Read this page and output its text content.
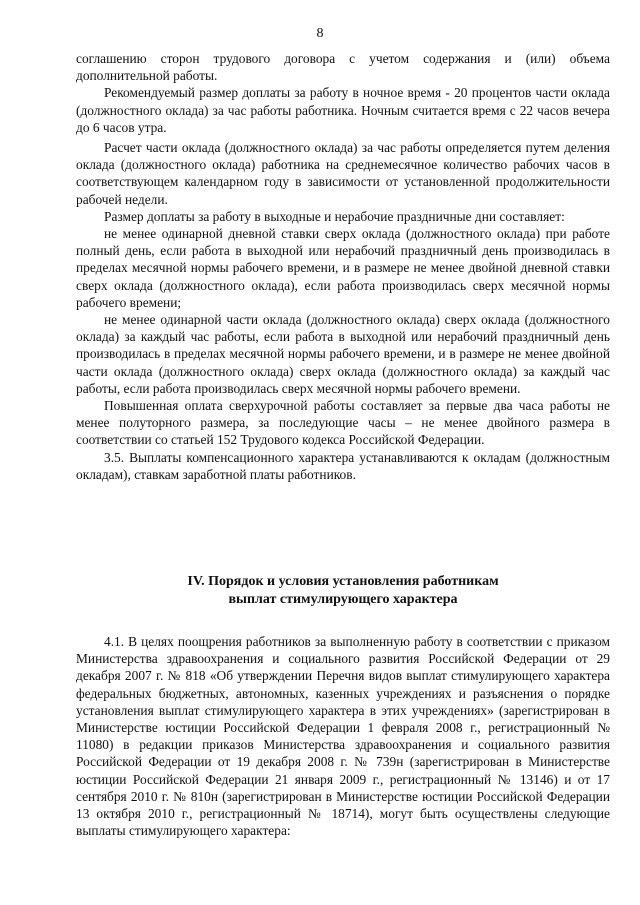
8

соглашению сторон трудового договора с учетом содержания и (или) объема дополнительной работы.

Рекомендуемый размер доплаты за работу в ночное время - 20 процентов части оклада (должностного оклада) за час работы работника. Ночным считается время с 22 часов вечера до 6 часов утра.

Расчет части оклада (должностного оклада) за час работы определяется путем деления оклада (должностного оклада) работника на среднемесячное количество рабочих часов в соответствующем календарном году в зависимости от установленной продолжительности рабочей недели.

Размер доплаты за работу в выходные и нерабочие праздничные дни составляет:

не менее одинарной дневной ставки сверх оклада (должностного оклада) при работе полный день, если работа в выходной или нерабочий праздничный день производилась в пределах месячной нормы рабочего времени, и в размере не менее двойной дневной ставки сверх оклада (должностного оклада), если работа производилась сверх месячной нормы рабочего времени;

не менее одинарной части оклада (должностного оклада) сверх оклада (должностного оклада) за каждый час работы, если работа в выходной или нерабочий праздничный день производилась в пределах месячной нормы рабочего времени, и в размере не менее двойной части оклада (должностного оклада) сверх оклада (должностного оклада) за каждый час работы, если работа производилась сверх месячной нормы рабочего времени.

Повышенная оплата сверхурочной работы составляет за первые два часа работы не менее полуторного размера, за последующие часы – не менее двойного размера в соответствии со статьей 152 Трудового кодекса Российской Федерации.

3.5. Выплаты компенсационного характера устанавливаются к окладам (должностным окладам), ставкам заработной платы работников.

IV. Порядок и условия установления работникам
выплат стимулирующего характера

4.1. В целях поощрения работников за выполненную работу в соответствии с приказом Министерства здравоохранения и социального развития Российской Федерации от 29 декабря 2007 г. № 818 «Об утверждении Перечня видов выплат стимулирующего характера федеральных бюджетных, автономных, казенных учреждениях и разъяснения о порядке установления выплат стимулирующего характера в этих учреждениях» (зарегистрирован в Министерстве юстиции Российской Федерации 1 февраля 2008 г., регистрационный № 11080) в редакции приказов Министерства здравоохранения и социального развития Российской Федерации от 19 декабря 2008 г. № 739н (зарегистрирован в Министерстве юстиции Российской Федерации 21 января 2009 г., регистрационный № 13146) и от 17 сентября 2010 г. № 810н (зарегистрирован в Министерстве юстиции Российской Федерации 13 октября 2010 г., регистрационный № 18714), могут быть осуществлены следующие выплаты стимулирующего характера:
